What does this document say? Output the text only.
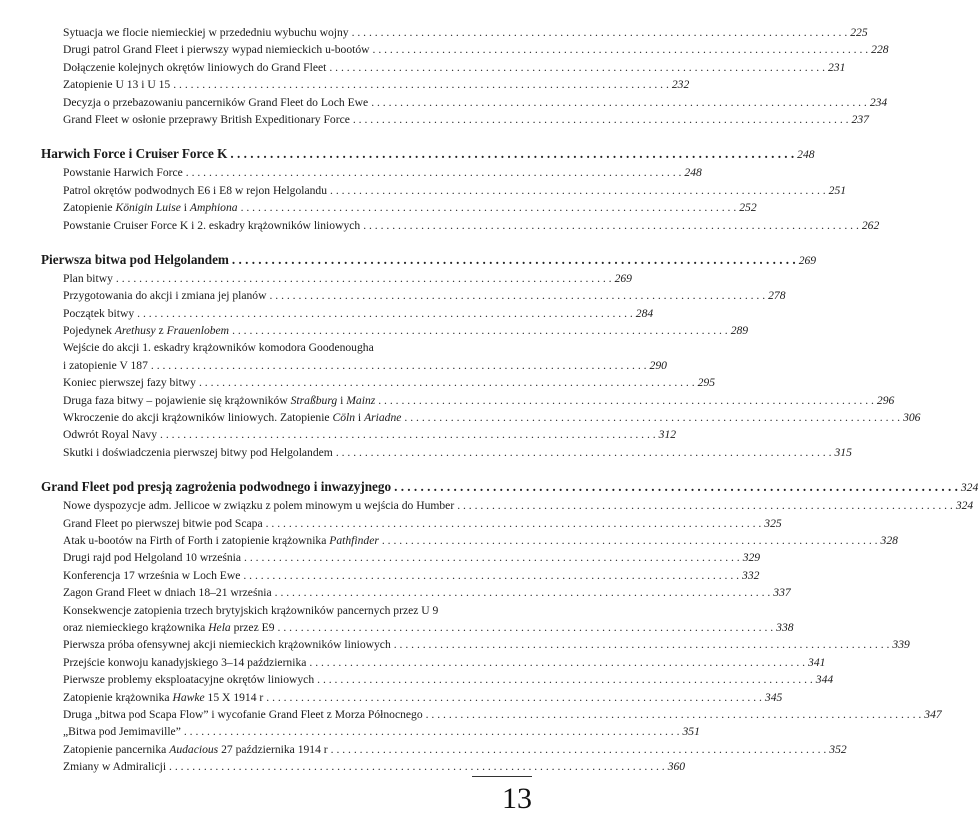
Sytuacja we flocie niemieckiej w przededniu wybuchu wojny . . .	225
Drugi patrol Grand Fleet i pierwszy wypad niemieckich u-bootów . . .	228
Dołączenie kolejnych okrętów liniowych do Grand Fleet . . .	231
Zatopienie U 13 i U 15 . . .	232
Decyzja o przebazowaniu pancerników Grand Fleet do Loch Ewe . . .	234
Grand Fleet w osłonie przeprawy British Expeditionary Force . . .	237
Harwich Force i Cruiser Force K . . .	248
Powstanie Harwich Force . . .	248
Patrol okrętów podwodnych E6 i E8 w rejon Helgolandu . . .	251
Zatopienie Königin Luise i Amphiona . . .	252
Powstanie Cruiser Force K i 2. eskadry krążowników liniowych . . .	262
Pierwsza bitwa pod Helgolandem . . .	269
Plan bitwy . . .	269
Przygotowania do akcji i zmiana jej planów . . .	278
Początek bitwy . . .	284
Pojedynek Arethusy z Frauenlobem . . .	289
Wejście do akcji 1. eskadry krążowników komodora Goodenougha
i zatopienie V 187 . . .	290
Koniec pierwszej fazy bitwy . . .	295
Druga faza bitwy – pojawienie się krążowników Straßburg i Mainz . . .	296
Wkroczenie do akcji krążowników liniowych. Zatopienie Cöln i Ariadne . . .	306
Odwrót Royal Navy . . .	312
Skutki i doświadczenia pierwszej bitwy pod Helgolandem . . .	315
Grand Fleet pod presją zagrożenia podwodnego i inwazyjnego . . .	324
Nowe dyspozycje adm. Jellicoe w związku z polem minowym u wejścia do Humber . . .	324
Grand Fleet po pierwszej bitwie pod Scapa . . .	325
Atak u-bootów na Firth of Forth i zatopienie krążownika Pathfinder . . .	328
Drugi rajd pod Helgoland 10 września . . .	329
Konferencja 17 września w Loch Ewe . . .	332
Zagon Grand Fleet w dniach 18–21 września . . .	337
Konsekwencje zatopienia trzech brytyjskich krążowników pancernych przez U 9
oraz niemieckiego krążownika Hela przez E9 . . .	338
Pierwsza próba ofensywnej akcji niemieckich krążowników liniowych . . .	339
Przejście konwoju kanadyjskiego 3–14 października . . .	341
Pierwsze problemy eksploatacyjne okrętów liniowych . . .	344
Zatopienie krążownika Hawke 15 X 1914 r . . .	345
Druga „bitwa pod Scapa Flow” i wycofanie Grand Fleet z Morza Północnego . . .	347
„Bitwa pod Jemimaville” . . .	351
Zatopienie pancernika Audacious 27 października 1914 r . . .	352
Zmiany w Admiralicji . . .	360
13
